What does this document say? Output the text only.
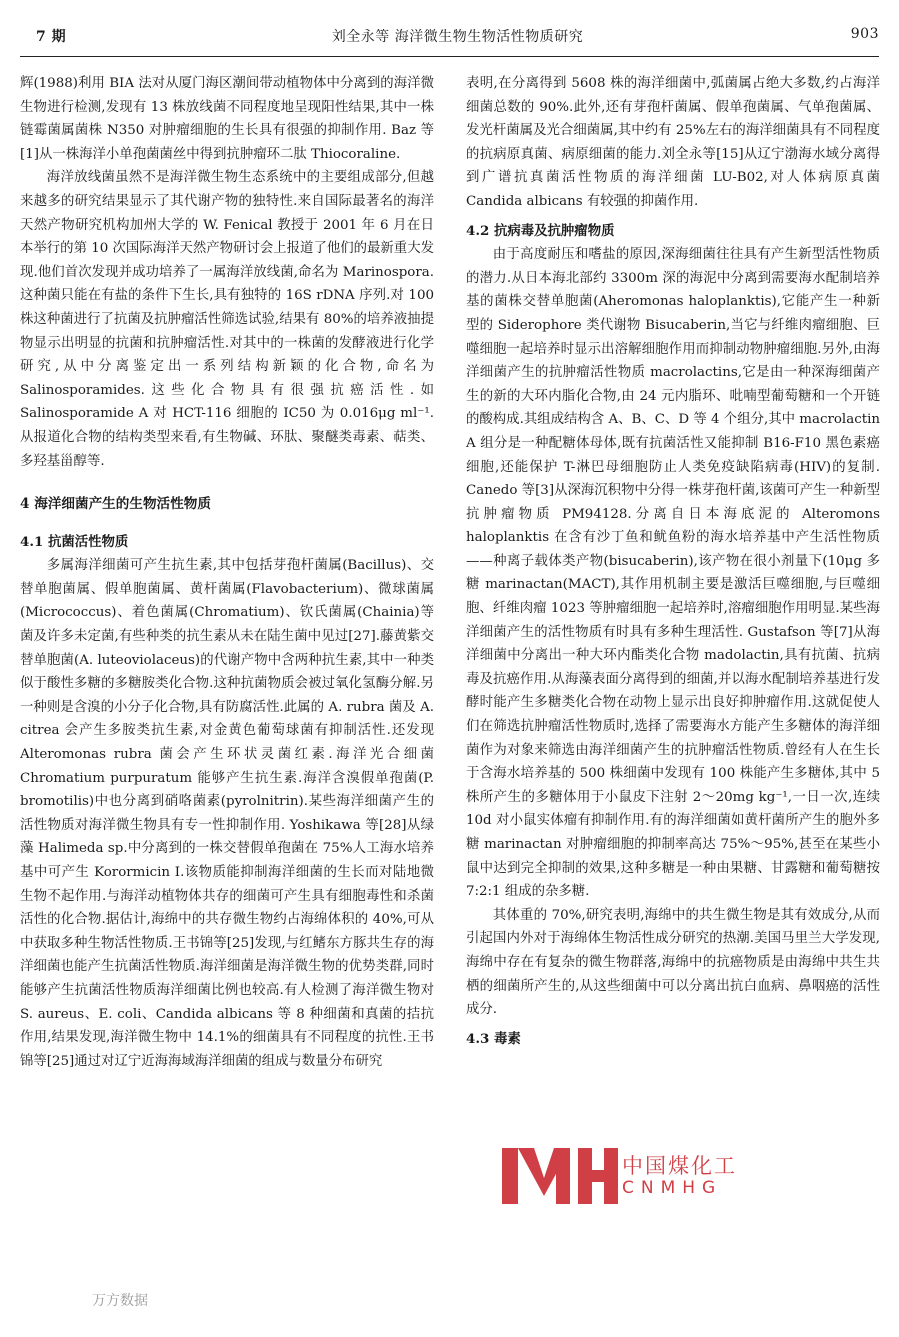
7 期	刘全永等 海洋微生物生物活性物质研究	903

辉(1988)利用 BIA 法对从厦门海区潮间带动植物体中分离到的海洋微生物进行检测,发现有 13 株放线菌不同程度地呈现阳性结果,其中一株链霉菌属菌株 N350 对肿瘤细胞的生长具有很强的抑制作用. Baz 等[1]从一株海洋小单孢菌菌丝中得到抗肿瘤环二肽 Thiocoraline.

海洋放线菌虽然不是海洋微生物生态系统中的主要组成部分,但越来越多的研究结果显示了其代谢产物的独特性.来自国际最著名的海洋天然产物研究机构加州大学的 W. Fenical 教授于 2001 年 6 月在日本举行的第 10 次国际海洋天然产物研讨会上报道了他们的最新重大发现.他们首次发现并成功培养了一属海洋放线菌,命名为 Marinospora.这种菌只能在有盐的条件下生长,具有独特的 16S rDNA 序列.对 100 株这种菌进行了抗菌及抗肿瘤活性筛选试验,结果有 80%的培养液抽提物显示出明显的抗菌和抗肿瘤活性.对其中的一株菌的发酵液进行化学研究,从中分离鉴定出一系列结构新颖的化合物,命名为 Salinosporamides.这些化合物具有很强抗癌活性.如 Salinosporamide A 对 HCT-116 细胞的 IC50 为 0.016μg ml⁻¹.从报道化合物的结构类型来看,有生物碱、环肽、聚醚类毒素、萜类、多羟基甾醇等.

4 海洋细菌产生的生物活性物质
4.1 抗菌活性物质

多属海洋细菌可产生抗生素,其中包括芽孢杆菌属(Bacillus)、交替单胞菌属、假单胞菌属、黄杆菌属(Flavobacterium)、微球菌属(Micrococcus)、着色菌属(Chromatium)、钦氏菌属(Chainia)等菌及许多未定菌,有些种类的抗生素从未在陆生菌中见过[27].藤黄紫交替单胞菌(A. luteoviolaceus)的代谢产物中含两种抗生素,其中一种类似于酸性多糖的多糖胺类化合物.这种抗菌物质会被过氧化氢酶分解.另一种则是含溴的小分子化合物,具有防腐活性.此属的 A. rubra 菌及 A. citrea 会产生多胺类抗生素,对金黄色葡萄球菌有抑制活性.还发现 Alteromonas rubra 菌会产生环状灵菌红素.海洋光合细菌 Chromatium purpuratum 能够产生抗生素.海洋含溴假单孢菌(P. bromotilis)中也分离到硝咯菌素(pyrolnitrin).某些海洋细菌产生的活性物质对海洋微生物具有专一性抑制作用. Yoshikawa 等[28]从绿藻 Halimeda sp.中分离到的一株交替假单孢菌在 75%人工海水培养基中可产生 Korormicin I.该物质能抑制海洋细菌的生长而对陆地微生物不起作用.与海洋动植物体共存的细菌可产生具有细胞毒性和杀菌活性的化合物.据估计,海绵中的共存微生物约占海绵体积的 40%,可从中获取多种生物活性物质.王书锦等[25]发现,与红鳍东方豚共生存的海洋细菌也能产生抗菌活性物质.海洋细菌是海洋微生物的优势类群,同时能够产生抗菌活性物质海洋细菌比例也较高.有人检测了海洋微生物对 S. aureus、E. coli、Candida albicans 等 8 种细菌和真菌的拮抗作用,结果发现,海洋微生物中 14.1%的细菌具有不同程度的抗性.王书锦等[25]通过对辽宁近海海域海洋细菌的组成与数量分布研究

表明,在分离得到 5608 株的海洋细菌中,弧菌属占绝大多数,约占海洋细菌总数的 90%.此外,还有芽孢杆菌属、假单孢菌属、气单孢菌属、发光杆菌属及光合细菌属,其中约有 25%左右的海洋细菌具有不同程度的抗病原真菌、病原细菌的能力.刘全永等[15]从辽宁渤海水域分离得到广谱抗真菌活性物质的海洋细菌 LU-B02,对人体病原真菌 Candida albicans 有较强的抑菌作用.

4.2 抗病毒及抗肿瘤物质

由于高度耐压和嗜盐的原因,深海细菌往往具有产生新型活性物质的潜力.从日本海北部约 3300m 深的海泥中分离到需要海水配制培养基的菌株交替单胞菌(Aheromonas haloplanktis),它能产生一种新型的 Siderophore 类代谢物 Bisucaberin,当它与纤维肉瘤细胞、巨噬细胞一起培养时显示出溶解细胞作用而抑制动物肿瘤细胞.另外,由海洋细菌产生的抗肿瘤活性物质 macrolactins,它是由一种深海细菌产生的新的大环内脂化合物,由 24 元内脂环、吡喃型葡萄糖和一个开链的酸构成.其组成结构含 A、B、C、D 等 4 个组分,其中 macrolactin A 组分是一种配糖体母体,既有抗菌活性又能抑制 B16-F10 黑色素癌细胞,还能保护 T-淋巴母细胞防止人类免疫缺陷病毒(HIV)的复制. Canedo 等[3]从深海沉积物中分得一株芽孢杆菌,该菌可产生一种新型抗肿瘤物质 PM94128.分离自日本海底泥的 Alteromons haloplanktis 在含有沙丁鱼和鱿鱼粉的海水培养基中产生活性物质——种离子载体类产物(bisucaberin),该产物在很小剂量下(10μg 多糖 marinactan(MACT),其作用机制主要是激活巨噬细胞,与巨噬细胞、纤维肉瘤 1023 等肿瘤细胞一起培养时,溶瘤细胞作用明显.某些海洋细菌产生的活性物质有时具有多种生理活性. Gustafson 等[7]从海洋细菌中分离出一种大环内酯类化合物 madolactin,具有抗菌、抗病毒及抗癌作用.从海藻表面分离得到的细菌,并以海水配制培养基进行发酵时能产生多糖类化合物在动物上显示出良好抑肿瘤作用.这就促使人们在筛选抗肿瘤活性物质时,选择了需要海水方能产生多糖体的海洋细菌作为对象来筛选由海洋细菌产生的抗肿瘤活性物质.曾经有人在生长于含海水培养基的 500 株细菌中发现有 100 株能产生多糖体,其中 5 株所产生的多糖体用于小鼠皮下注射 2～20mg kg⁻¹,一日一次,连续 10d 对小鼠实体瘤有抑制作用.有的海洋细菌如黄杆菌所产生的胞外多糖 marinactan 对肿瘤细胞的抑制率高达 75%～95%,甚至在某些小鼠中达到完全抑制的效果,这种多糖是一种由果糖、甘露糖和葡萄糖按 7:2:1 组成的杂多糖.

其体重的 70%,研究表明,海绵中的共生微生物是其有效成分,从而引起国内外对于海绵体生物活性成分研究的热潮.美国马里兰大学发现,海绵中存在有复杂的微生物群落,海绵中的抗癌物质是由海绵中共生共栖的细菌所产生的,从这些细菌中可以分离出抗白血病、鼻咽癌的活性成分.

4.3 毒素
中国煤化工
CNMHG
万方数据
